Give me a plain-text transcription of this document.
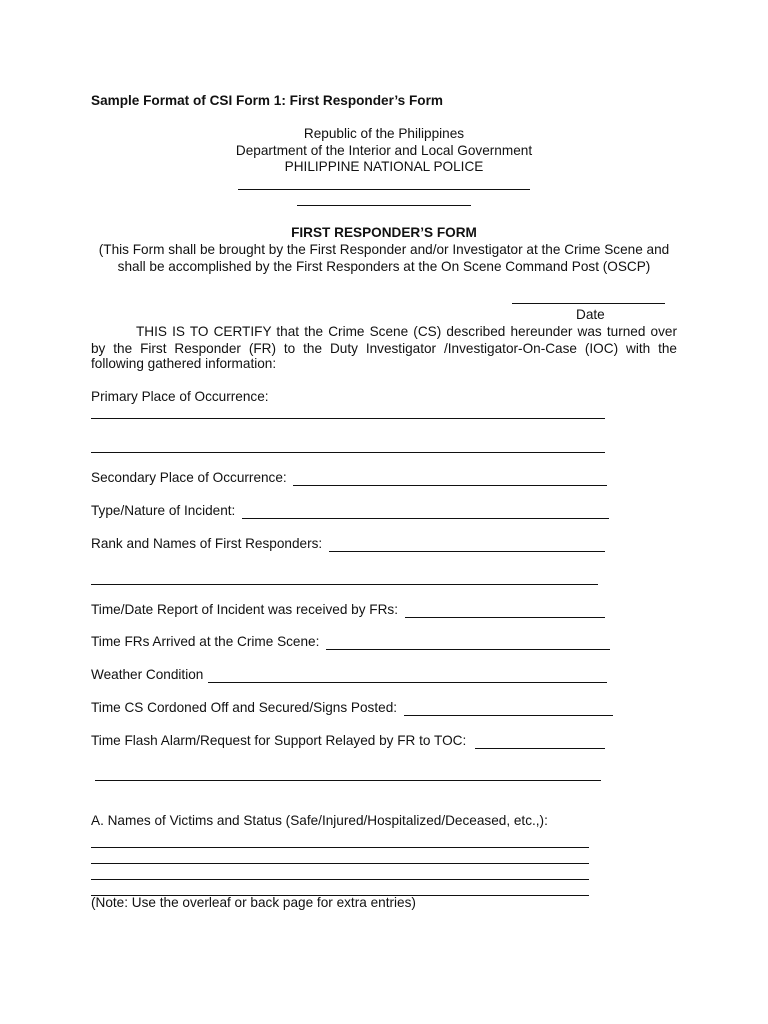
Sample Format of CSI Form 1: First Responder’s Form
Republic of the Philippines
Department of the Interior and Local Government
PHILIPPINE NATIONAL POLICE
FIRST RESPONDER’S FORM
(This Form shall be brought by the First Responder and/or Investigator at the Crime Scene and
shall be accomplished by the First Responders at the On Scene Command Post (OSCP)
Date
THIS IS TO CERTIFY that the Crime Scene (CS) described hereunder was turned over
by the First Responder (FR) to the Duty Investigator /Investigator-On-Case (IOC) with the
following gathered information:
Primary Place of Occurrence:
Secondary Place of Occurrence:
Type/Nature of Incident:
Rank and Names of First Responders:
Time/Date Report of Incident was received by FRs:
Time FRs Arrived at the Crime Scene:
Weather Condition
Time CS Cordoned Off and Secured/Signs Posted:
Time Flash Alarm/Request for Support Relayed by FR to TOC:
A. Names of Victims and Status (Safe/Injured/Hospitalized/Deceased, etc.,):
(Note: Use the overleaf or back page for extra entries)
